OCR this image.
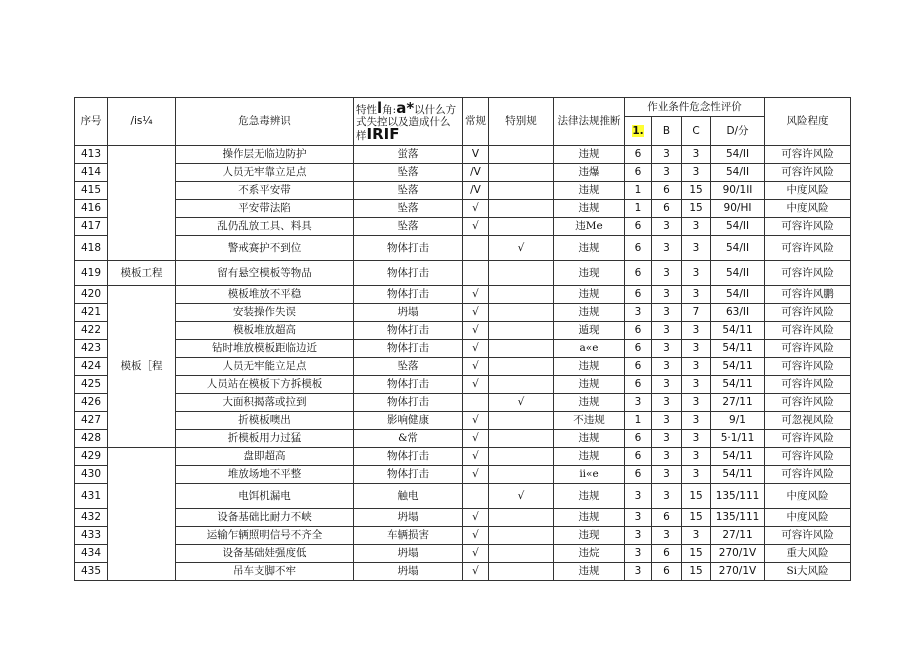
序号	/is¼	危急毒辨识	特性l角:a*以什么方式失控以及造成什么样IRIF	常规	特别规	法律法规推断	作业条件危念性评价				风险程度
							1.	B	C	D/分	
413		操作层无临边防护	蛍落	V		违规	6	3	3	54/II	可容许风险
414		人员无牢靠立足点	坠落	/V		违爆	6	3	3	54/II	可容许风险
415		不系平安带	坠落	/V		违规	1	6	15	90/1II	中度风险
416		平安带法陷	坠落	√		违规	1	6	15	90/HI	中度风险
417		乱仍乱放工具、料具	坠落	√		违Me	6	3	3	54/II	可容许风险
418		警戒赛护不到位	物体打击		√	违规	6	3	3	54/II	可容许风险
419	模板工程	留有悬空模板等物品	物体打击			违现	6	3	3	54/II	可容许风险
420	模板［程	模板堆放不平稳	物体打击	√		违规	6	3	3	54/II	可容许风鹏
421		安装操作失误	坍塌	√		违规	3	3	7	63/II	可容许风险
422		模板堆放超高	物体打击	√		遁现	6	3	3	54/11	可容许风险
423		钻时堆放模板距临边近	物体打击	√		a«e	6	3	3	54/11	可容许风险
424		人员无牢能立足点	坠落	√		违规	6	3	3	54/11	可容许风险
425		人员站在模板下方拆模板	物体打击	√		违规	6	3	3	54/11	可容许风险
426		大面积揭落或拉到	物体打击		√	违规	3	3	3	27/11	可容许风险
427		折模板噢出	影响健康	√		不违规	1	3	3	9/1	可忽视风险
428		折模板用力过猛	&常	√		违规	6	3	3	5·1/11	可容许风险
429		盘即超高	物体打击	√		违规	6	3	3	54/11	可容许风险
430		堆放场地不平整	物体打击	√		ii«e	6	3	3	54/11	可容许风险
431		电饵机漏电	触电		√	违规	3	3	15	135/111	中度风险
432		设备基础比耐力不峡	坍塌	√		违规	3	6	15	135/111	中度风险
433		运输乍辆照明信号不齐全	车辆损害	√		违现	3	3	3	27/11	可容许风险
434		设备基础娃强度低	坍塌	√		违烷	3	6	15	270/1V	重大风险
435		吊车支脚不牢	坍塌	√		违规	3	6	15	270/1V	Si大风险
